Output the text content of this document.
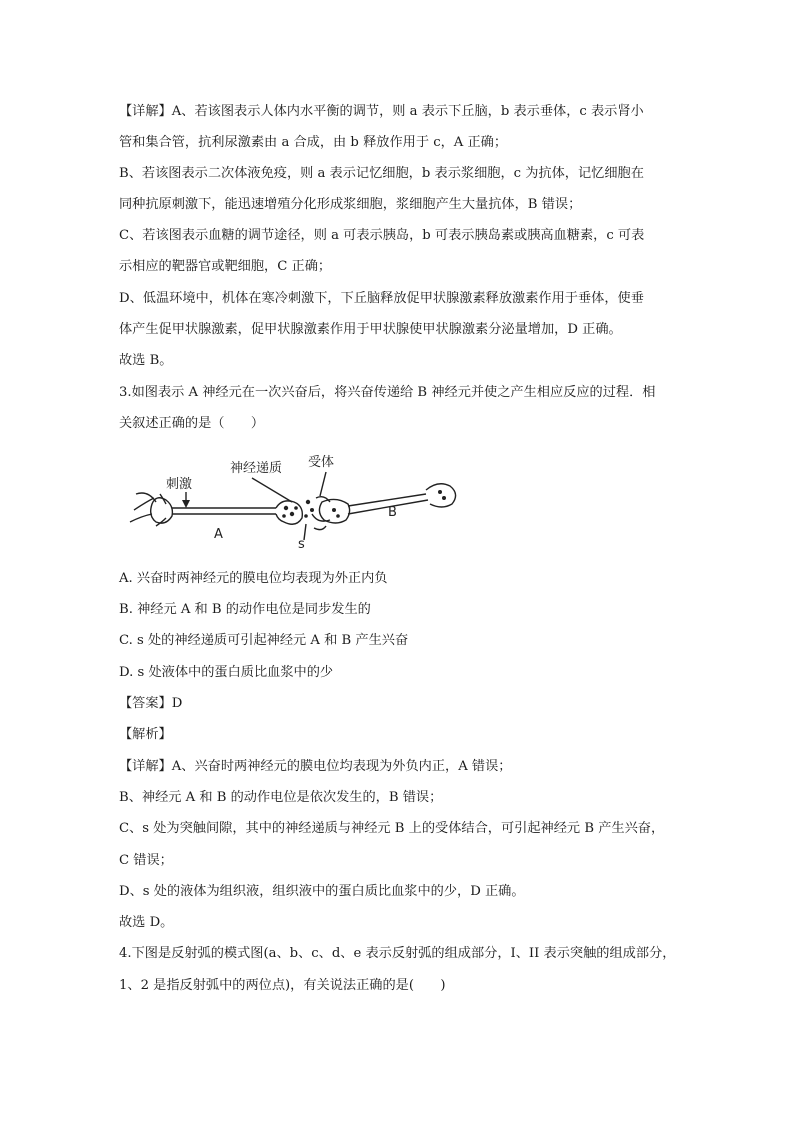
【详解】A、若该图表示人体内水平衡的调节，则 a 表示下丘脑，b 表示垂体，c 表示肾小

管和集合管，抗利尿激素由 a 合成，由 b 释放作用于 c，A 正确；

B、若该图表示二次体液免疫，则 a 表示记忆细胞，b 表示浆细胞，c 为抗体，记忆细胞在

同种抗原刺激下，能迅速增殖分化形成浆细胞，浆细胞产生大量抗体，B 错误；

C、若该图表示血糖的调节途径，则 a 可表示胰岛，b 可表示胰岛素或胰高血糖素，c 可表

示相应的靶器官或靶细胞，C 正确；

D、低温环境中，机体在寒冷刺激下，下丘脑释放促甲状腺激素释放激素作用于垂体，使垂

体产生促甲状腺激素，促甲状腺激素作用于甲状腺使甲状腺激素分泌量增加，D 正确。

故选 B。

3.如图表示 A 神经元在一次兴奋后，将兴奋传递给 B 神经元并使之产生相应反应的过程．相

关叙述正确的是（　　）

刺激
神经递质 受体
A
B
s

A. 兴奋时两神经元的膜电位均表现为外正内负

B. 神经元 A 和 B 的动作电位是同步发生的

C. s 处的神经递质可引起神经元 A 和 B 产生兴奋

D. s 处液体中的蛋白质比血浆中的少

【答案】D

【解析】

【详解】A、兴奋时两神经元的膜电位均表现为外负内正，A 错误；

B、神经元 A 和 B 的动作电位是依次发生的，B 错误；

C、s 处为突触间隙，其中的神经递质与神经元 B 上的受体结合，可引起神经元 B 产生兴奋，

C 错误；

D、s 处的液体为组织液，组织液中的蛋白质比血浆中的少，D 正确。

故选 D。

4.下图是反射弧的模式图(a、b、c、d、e 表示反射弧的组成部分，I、II 表示突触的组成部分，

1、2 是指反射弧中的两位点)，有关说法正确的是(　　)
